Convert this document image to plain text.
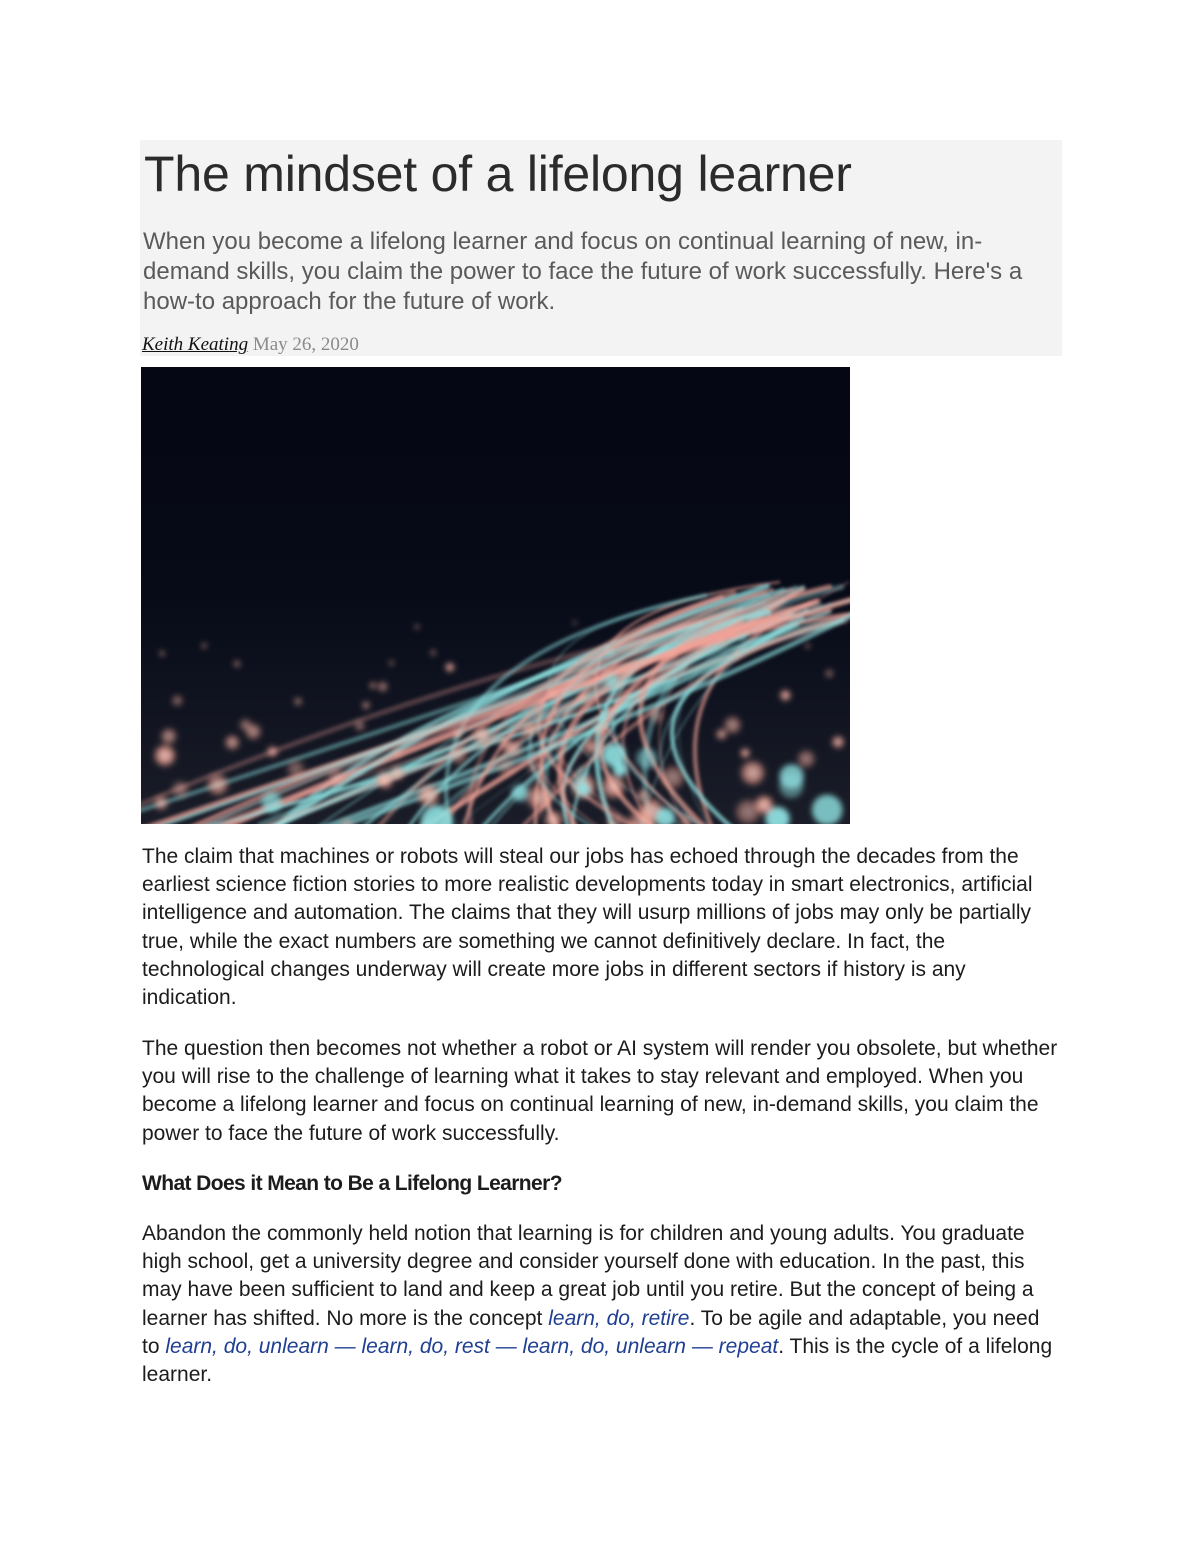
The mindset of a lifelong learner

When you become a lifelong learner and focus on continual learning of new, in-demand skills, you claim the power to face the future of work successfully. Here's a how-to approach for the future of work.

Keith Keating May 26, 2020

The claim that machines or robots will steal our jobs has echoed through the decades from the earliest science fiction stories to more realistic developments today in smart electronics, artificial intelligence and automation. The claims that they will usurp millions of jobs may only be partially true, while the exact numbers are something we cannot definitively declare. In fact, the technological changes underway will create more jobs in different sectors if history is any indication.

The question then becomes not whether a robot or AI system will render you obsolete, but whether you will rise to the challenge of learning what it takes to stay relevant and employed. When you become a lifelong learner and focus on continual learning of new, in-demand skills, you claim the power to face the future of work successfully.

What Does it Mean to Be a Lifelong Learner?

Abandon the commonly held notion that learning is for children and young adults. You graduate high school, get a university degree and consider yourself done with education. In the past, this may have been sufficient to land and keep a great job until you retire. But the concept of being a learner has shifted. No more is the concept learn, do, retire. To be agile and adaptable, you need to learn, do, unlearn — learn, do, rest — learn, do, unlearn — repeat. This is the cycle of a lifelong learner.
